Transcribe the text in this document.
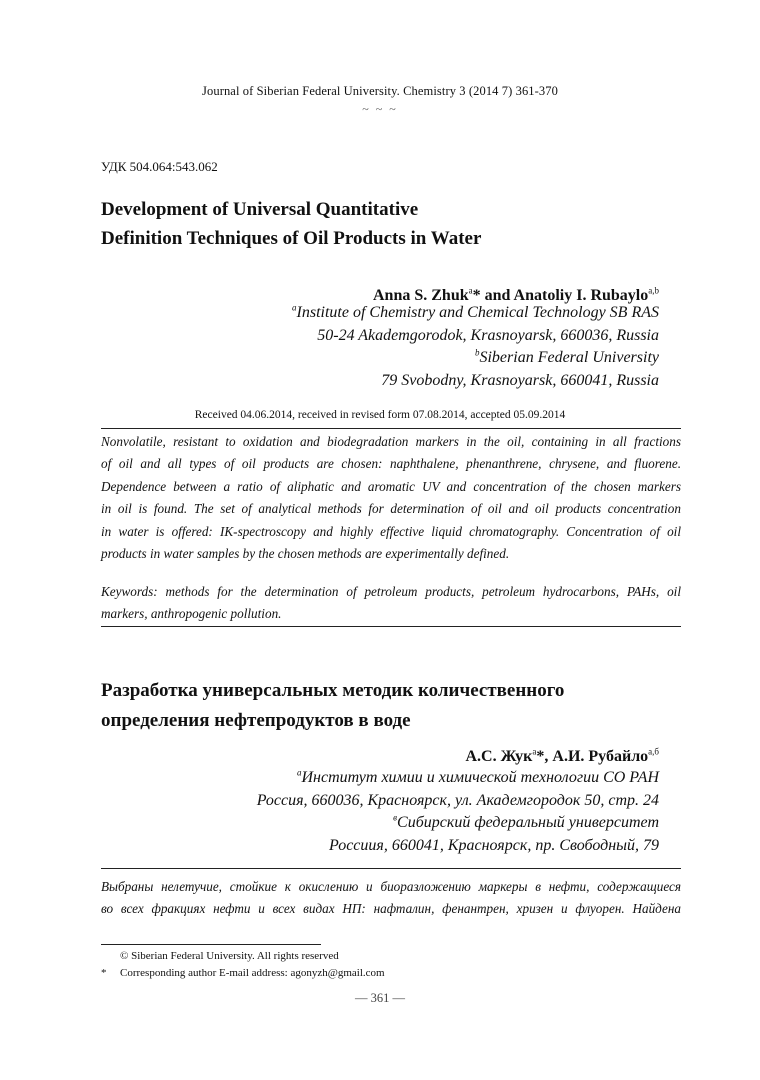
Journal of Siberian Federal University. Chemistry 3 (2014 7) 361-370
~ ~ ~
УДК 504.064:543.062
Development of Universal Quantitative
Definition Techniques of Oil Products in Water
Anna S. Zhuk$^a$* and Anatoliy I. Rubaylo$^{a,b}$
$^a$Institute of Chemistry and Chemical Technology SB RAS
50-24 Akademgorodok, Krasnoyarsk, 660036, Russia
$^b$Siberian Federal University
79 Svobodny, Krasnoyarsk, 660041, Russia
Received 04.06.2014, received in revised form 07.08.2014, accepted 05.09.2014

Nonvolatile, resistant to oxidation and biodegradation markers in the oil, containing in all fractions
of oil and all types of oil products are chosen: naphthalene, phenanthrene, chrysene, and fluorene.
Dependence between a ratio of aliphatic and aromatic UV and concentration of the chosen markers
in oil is found. The set of analytical methods for determination of oil and oil products concentration
in water is offered: IK-spectroscopy and highly effective liquid chromatography. Concentration of oil
products in water samples by the chosen methods are experimentally defined.

Keywords: methods for the determination of petroleum products, petroleum hydrocarbons, PAHs, oil
markers, anthropogenic pollution.

Разработка универсальных методик количественного
определения нефтепродуктов в воде
А.С. Жук$^а$*, А.И. Рубайло$^{а,б}$
$^а$Институт химии и химической технологии СО РАН
Россия, 660036, Красноярск, ул. Академгородок 50, стр. 24
$^в$Сибирский федеральный университет
Россиия, 660041, Красноярск, пр. Свободный, 79

Выбраны нелетучие, стойкие к окислению и биоразложению маркеры в нефти, содержащиеся
во всех фракциях нефти и всех видах НП: нафталин, фенантрен, хризен и флуорен. Найдена

© Siberian Federal University. All rights reserved
* Corresponding author E-mail address: agonyzh@gmail.com
― 361 ―
